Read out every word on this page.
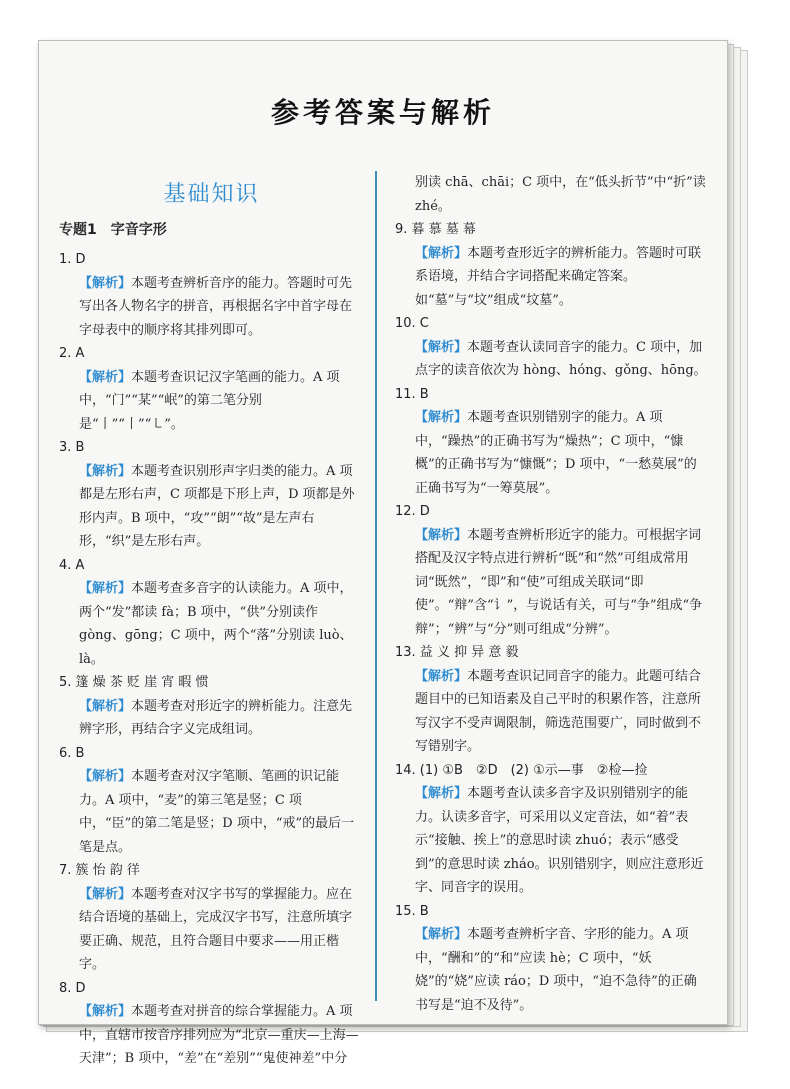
参考答案与解析
基础知识
专题1　字音字形
1. D
【解析】本题考查辨析音序的能力。答题时可先写出各人物名字的拼音，再根据名字中首字母在字母表中的顺序将其排列即可。
2. A
【解析】本题考查识记汉字笔画的能力。A 项中，“门”“某”“岷”的第二笔分别是“丨”“丨”“㇄”。
3. B
【解析】本题考查识别形声字归类的能力。A 项都是左形右声，C 项都是下形上声，D 项都是外形内声。B 项中，“攻”“朗”“故”是左声右形，“织”是左形右声。
4. A
【解析】本题考查多音字的认读能力。A 项中，两个“发”都读 fà；B 项中，“供”分别读作 gòng、gōng；C 项中，两个“落”分别读 luò、là。
5. 篷 燥 茶 贬 崖 宵 暇 惯
【解析】本题考查对形近字的辨析能力。注意先辨字形，再结合字义完成组词。
6. B
【解析】本题考查对汉字笔顺、笔画的识记能力。A 项中，“麦”的第三笔是竖；C 项中，“臣”的第二笔是竖；D 项中，“戒”的最后一笔是点。
7. 簇 怡 韵 徉
【解析】本题考查对汉字书写的掌握能力。应在结合语境的基础上，完成汉字书写，注意所填字要正确、规范，且符合题目中要求——用正楷字。
8. D
【解析】本题考查对拼音的综合掌握能力。A 项中，直辖市按音序排列应为“北京—重庆—上海—天津”；B 项中，“差”在“差别”“鬼使神差”中分
别读 chā、chāi；C 项中，在“低头折节”中“折”读 zhé。
9. 暮 慕 墓 幕
【解析】本题考查形近字的辨析能力。答题时可联系语境，并结合字词搭配来确定答案。如“墓”与“坟”组成“坟墓”。
10. C
【解析】本题考查认读同音字的能力。C 项中，加点字的读音依次为 hòng、hóng、gǒng、hōng。
11. B
【解析】本题考查识别错别字的能力。A 项中，“躁热”的正确书写为“燥热”；C 项中，“慷概”的正确书写为“慷慨”；D 项中，“一愁莫展”的正确书写为“一筹莫展”。
12. D
【解析】本题考查辨析形近字的能力。可根据字词搭配及汉字特点进行辨析“既”和“然”可组成常用词“既然”，“即”和“使”可组成关联词“即使”。“辩”含“讠”，与说话有关，可与“争”组成“争辩”；“辨”与“分”则可组成“分辨”。
13. 益 义 抑 异 意 毅
【解析】本题考查识记同音字的能力。此题可结合题目中的已知语素及自己平时的积累作答，注意所写汉字不受声调限制，筛选范围要广，同时做到不写错别字。
14. (1) ①B　②D　(2) ①示—事　②检—捡
【解析】本题考查认读多音字及识别错别字的能力。认读多音字，可采用以义定音法，如“着”表示“接触、挨上”的意思时读 zhuó；表示“感受到”的意思时读 zháo。识别错别字，则应注意形近字、同音字的误用。
15. B
【解析】本题考查辨析字音、字形的能力。A 项中，“酬和”的“和”应读 hè；C 项中，“妖娆”的“娆”应读 ráo；D 项中，“迫不急待”的正确书写是“迫不及待”。
